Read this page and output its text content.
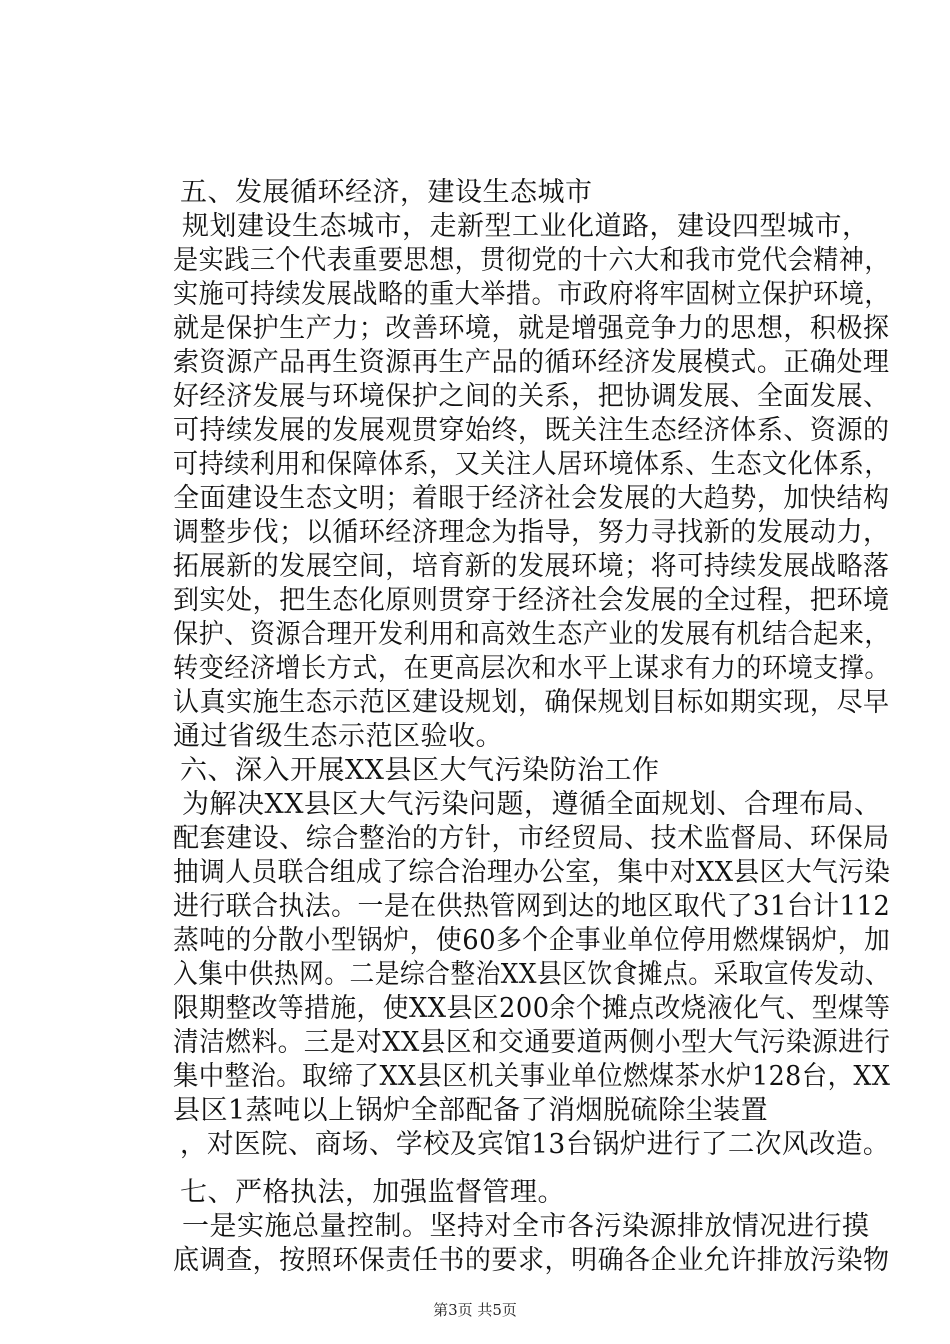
五、发展循环经济，建设生态城市
规划建设生态城市，走新型工业化道路，建设四型城市，
是实践三个代表重要思想，贯彻党的十六大和我市党代会精神，
实施可持续发展战略的重大举措。市政府将牢固树立保护环境，
就是保护生产力；改善环境，就是增强竞争力的思想，积极探
索资源产品再生资源再生产品的循环经济发展模式。正确处理
好经济发展与环境保护之间的关系，把协调发展、全面发展、
可持续发展的发展观贯穿始终，既关注生态经济体系、资源的
可持续利用和保障体系，又关注人居环境体系、生态文化体系，
全面建设生态文明；着眼于经济社会发展的大趋势，加快结构
调整步伐；以循环经济理念为指导，努力寻找新的发展动力，
拓展新的发展空间，培育新的发展环境；将可持续发展战略落
到实处，把生态化原则贯穿于经济社会发展的全过程，把环境
保护、资源合理开发利用和高效生态产业的发展有机结合起来，
转变经济增长方式，在更高层次和水平上谋求有力的环境支撑。
认真实施生态示范区建设规划，确保规划目标如期实现，尽早
通过省级生态示范区验收。
六、深入开展XX县区大气污染防治工作
为解决XX县区大气污染问题，遵循全面规划、合理布局、
配套建设、综合整治的方针，市经贸局、技术监督局、环保局
抽调人员联合组成了综合治理办公室，集中对XX县区大气污染
进行联合执法。一是在供热管网到达的地区取代了31台计112
蒸吨的分散小型锅炉，使60多个企事业单位停用燃煤锅炉，加
入集中供热网。二是综合整治XX县区饮食摊点。采取宣传发动、
限期整改等措施，使XX县区200余个摊点改烧液化气、型煤等
清洁燃料。三是对XX县区和交通要道两侧小型大气污染源进行
集中整治。取缔了XX县区机关事业单位燃煤茶水炉128台，XX
县区1蒸吨以上锅炉全部配备了消烟脱硫除尘装置
，对医院、商场、学校及宾馆13台锅炉进行了二次风改造。
七、严格执法，加强监督管理。
一是实施总量控制。坚持对全市各污染源排放情况进行摸
底调查，按照环保责任书的要求，明确各企业允许排放污染物
第3页 共5页
